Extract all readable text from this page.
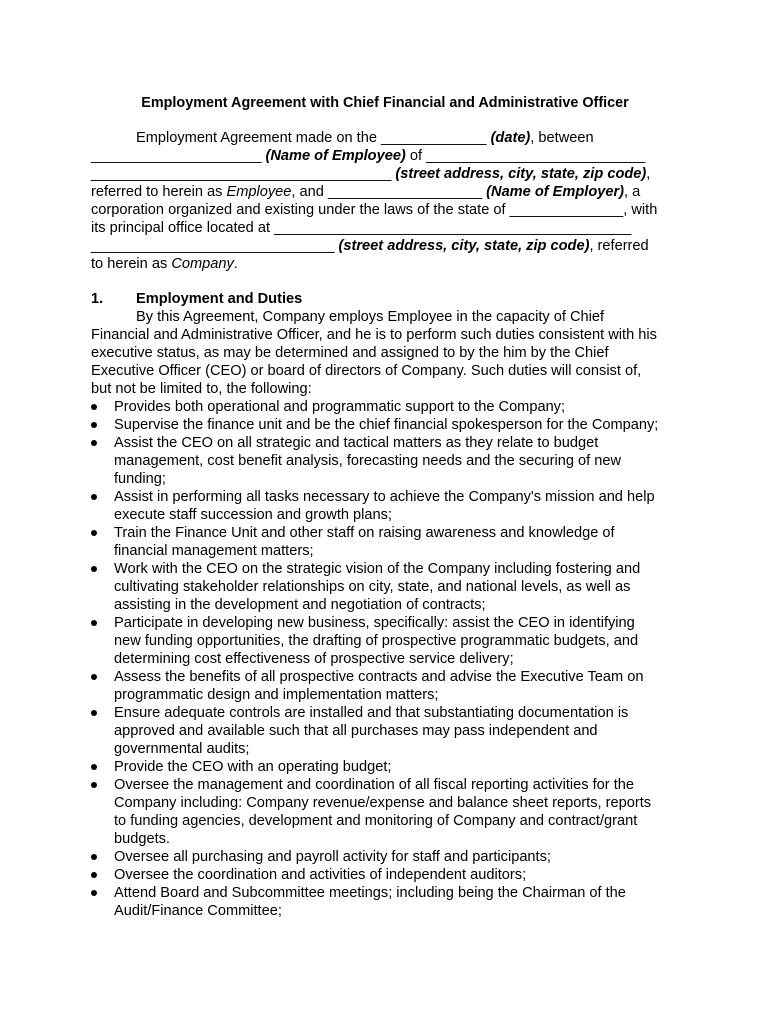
Employment Agreement with Chief Financial and Administrative Officer
Employment Agreement made on the _____________ (date), between
_____________________ (Name of Employee) of ___________________________
_____________________________________ (street address, city, state, zip code),
referred to herein as Employee, and ___________________ (Name of Employer), a
corporation organized and existing under the laws of the state of ______________, with
its principal office located at ____________________________________________
______________________________ (street address, city, state, zip code), referred
to herein as Company.
1. Employment and Duties
By this Agreement, Company employs Employee in the capacity of Chief
Financial and Administrative Officer, and he is to perform such duties consistent with his
executive status, as may be determined and assigned to by the him by the Chief
Executive Officer (CEO) or board of directors of Company. Such duties will consist of,
but not be limited to, the following:
Provides both operational and programmatic support to the Company;
Supervise the finance unit and be the chief financial spokesperson for the Company;
Assist the CEO on all strategic and tactical matters as they relate to budget
management, cost benefit analysis, forecasting needs and the securing of new
funding;
Assist in performing all tasks necessary to achieve the Company's mission and help
execute staff succession and growth plans;
Train the Finance Unit and other staff on raising awareness and knowledge of
financial management matters;
Work with the CEO on the strategic vision of the Company including fostering and
cultivating stakeholder relationships on city, state, and national levels, as well as
assisting in the development and negotiation of contracts;
Participate in developing new business, specifically: assist the CEO in identifying
new funding opportunities, the drafting of prospective programmatic budgets, and
determining cost effectiveness of prospective service delivery;
Assess the benefits of all prospective contracts and advise the Executive Team on
programmatic design and implementation matters;
Ensure adequate controls are installed and that substantiating documentation is
approved and available such that all purchases may pass independent and
governmental audits;
Provide the CEO with an operating budget;
Oversee the management and coordination of all fiscal reporting activities for the
Company including: Company revenue/expense and balance sheet reports, reports
to funding agencies, development and monitoring of Company and contract/grant
budgets.
Oversee all purchasing and payroll activity for staff and participants;
Oversee the coordination and activities of independent auditors;
Attend Board and Subcommittee meetings; including being the Chairman of the
Audit/Finance Committee;
